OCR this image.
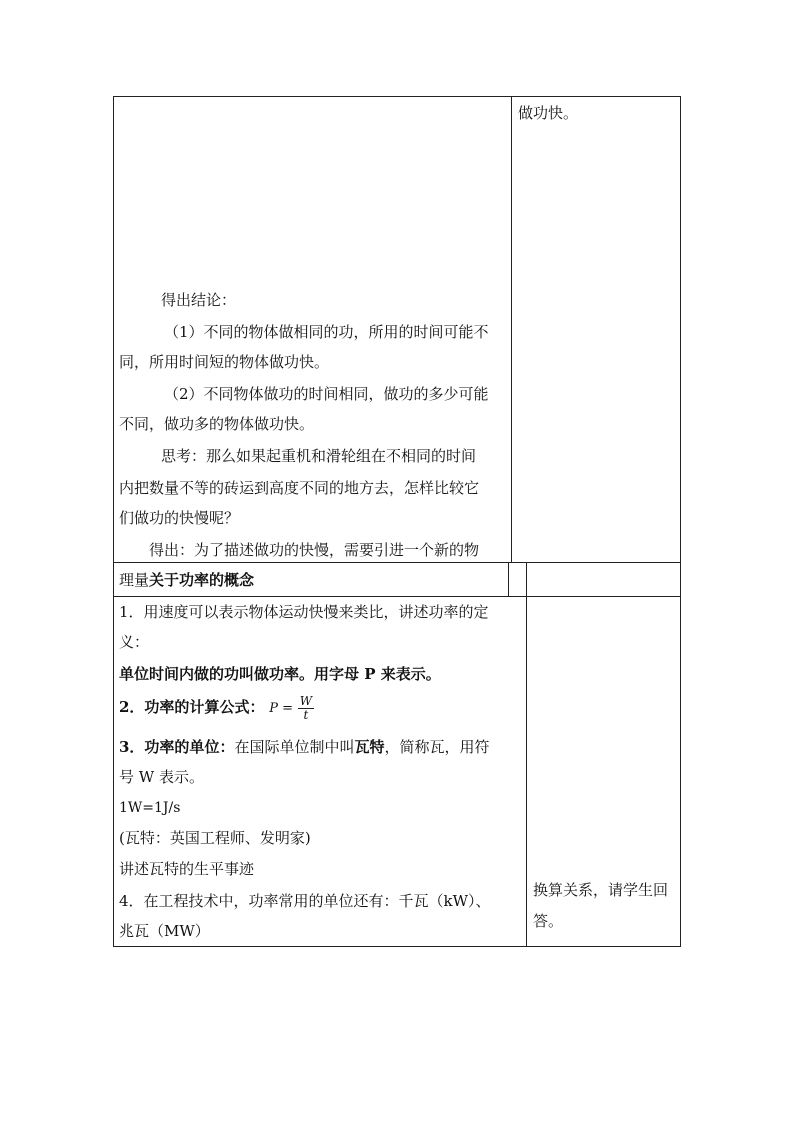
做功快。
得出结论：
（1）不同的物体做相同的功，所用的时间可能不
同，所用时间短的物体做功快。
（2）不同物体做功的时间相同，做功的多少可能
不同，做功多的物体做功快。
思考：那么如果起重机和滑轮组在不相同的时间
内把数量不等的砖运到高度不同的地方去，怎样比较它
们做功的快慢呢？
得出：为了描述做功的快慢，需要引进一个新的物
理量关于功率的概念
1．用速度可以表示物体运动快慢来类比，讲述功率的定
义：
单位时间内做的功叫做功率。用字母 P 来表示。
2．功率的计算公式： $P = \frac{W}{t}$
3．功率的单位：在国际单位制中叫瓦特，简称瓦，用符
号 W 表示。
1W=1J/s
(瓦特：英国工程师、发明家)
讲述瓦特的生平事迹
4．在工程技术中，功率常用的单位还有：千瓦（kW）、
兆瓦（MW）
换算关系，请学生回
答。
